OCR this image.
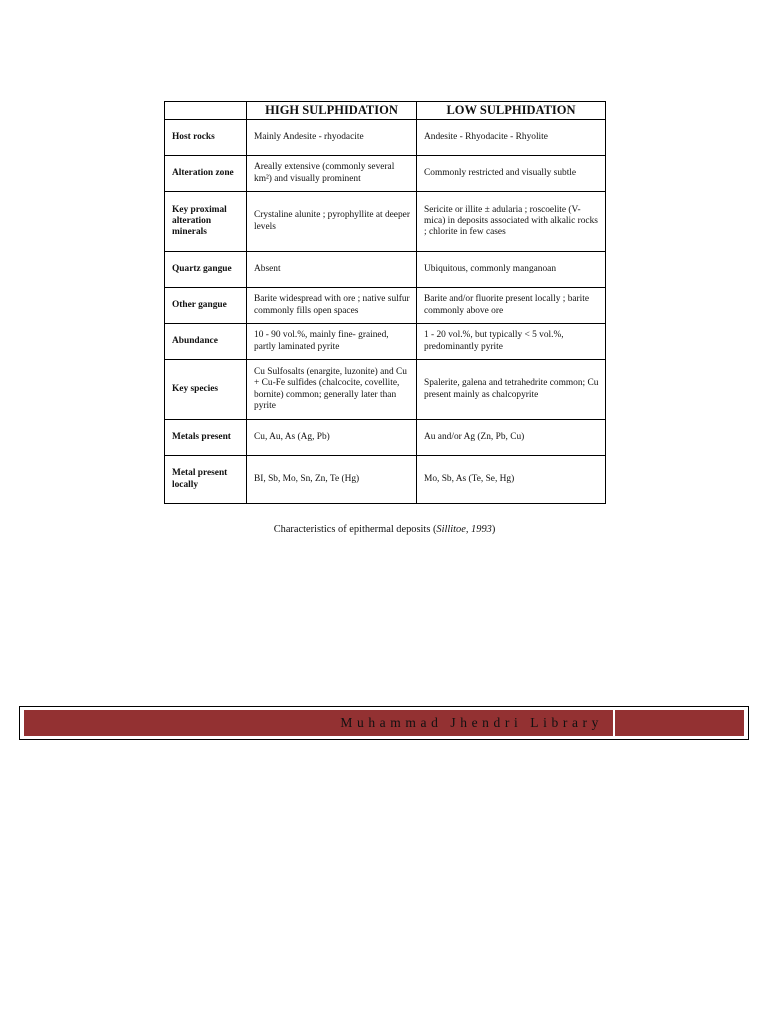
	HIGH SULPHIDATION	LOW SULPHIDATION
Host rocks	Mainly Andesite - rhyodacite	Andesite - Rhyodacite - Rhyolite
Alteration zone	Areally extensive (commonly several km²) and visually prominent	Commonly restricted and visually subtle
Key proximal alteration minerals	Crystaline alunite ; pyrophyllite at deeper levels	Sericite or illite ± adularia ; roscoelite (V-mica) in deposits associated with alkalic rocks ; chlorite in few cases
Quartz gangue	Absent	Ubiquitous, commonly manganoan
Other gangue	Barite widespread with ore ; native sulfur commonly fills open spaces	Barite and/or fluorite present locally ; barite commonly above ore
Abundance	10 - 90 vol.%, mainly fine- grained, partly laminated pyrite	1 - 20 vol.%, but typically < 5 vol.%, predominantly pyrite
Key species	Cu Sulfosalts (enargite, luzonite) and Cu + Cu-Fe sulfides (chalcocite, covellite, bornite) common; generally later than pyrite	Spalerite, galena and tetrahedrite common; Cu present mainly as chalcopyrite
Metals present	Cu, Au, As (Ag, Pb)	Au and/or Ag (Zn, Pb, Cu)
Metal present locally	BI, Sb, Mo, Sn, Zn, Te (Hg)	Mo, Sb, As (Te, Se, Hg)
Characteristics of epithermal deposits (Sillitoe, 1993)
Muhammad Jhendri Library
